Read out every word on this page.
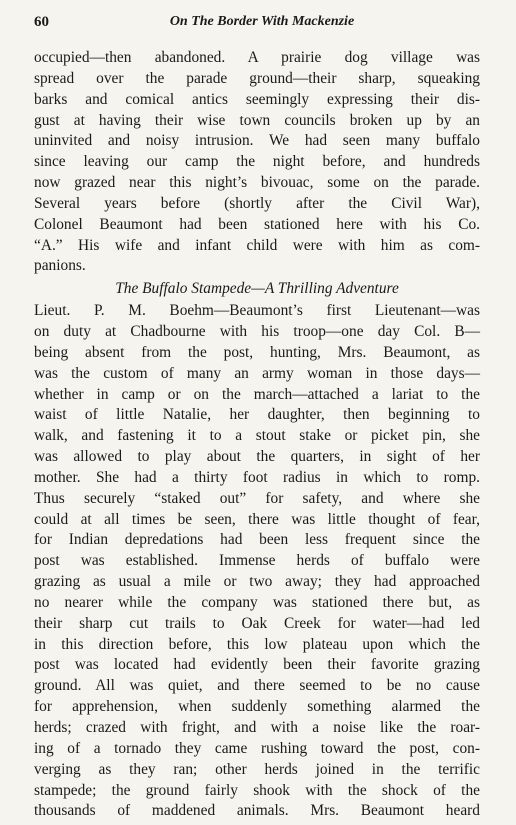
60	On The Border With Mackenzie
occupied—then abandoned. A prairie dog village was
spread over the parade ground—their sharp, squeaking
barks and comical antics seemingly expressing their dis-
gust at having their wise town councils broken up by an
uninvited and noisy intrusion. We had seen many buffalo
since leaving our camp the night before, and hundreds
now grazed near this night’s bivouac, some on the parade.
Several years before (shortly after the Civil War),
Colonel Beaumont had been stationed here with his Co.
“A.” His wife and infant child were with him as com-
panions.
The Buffalo Stampede—A Thrilling Adventure
Lieut. P. M. Boehm—Beaumont’s first Lieutenant—was
on duty at Chadbourne with his troop—one day Col. B—
being absent from the post, hunting, Mrs. Beaumont, as
was the custom of many an army woman in those days—
whether in camp or on the march—attached a lariat to the
waist of little Natalie, her daughter, then beginning to
walk, and fastening it to a stout stake or picket pin, she
was allowed to play about the quarters, in sight of her
mother. She had a thirty foot radius in which to romp.
Thus securely “staked out” for safety, and where she
could at all times be seen, there was little thought of fear,
for Indian depredations had been less frequent since the
post was established. Immense herds of buffalo were
grazing as usual a mile or two away; they had approached
no nearer while the company was stationed there but, as
their sharp cut trails to Oak Creek for water—had led
in this direction before, this low plateau upon which the
post was located had evidently been their favorite grazing
ground. All was quiet, and there seemed to be no cause
for apprehension, when suddenly something alarmed the
herds; crazed with fright, and with a noise like the roar-
ing of a tornado they came rushing toward the post, con-
verging as they ran; other herds joined in the terrific
stampede; the ground fairly shook with the shock of the
thousands of maddened animals. Mrs. Beaumont heard
